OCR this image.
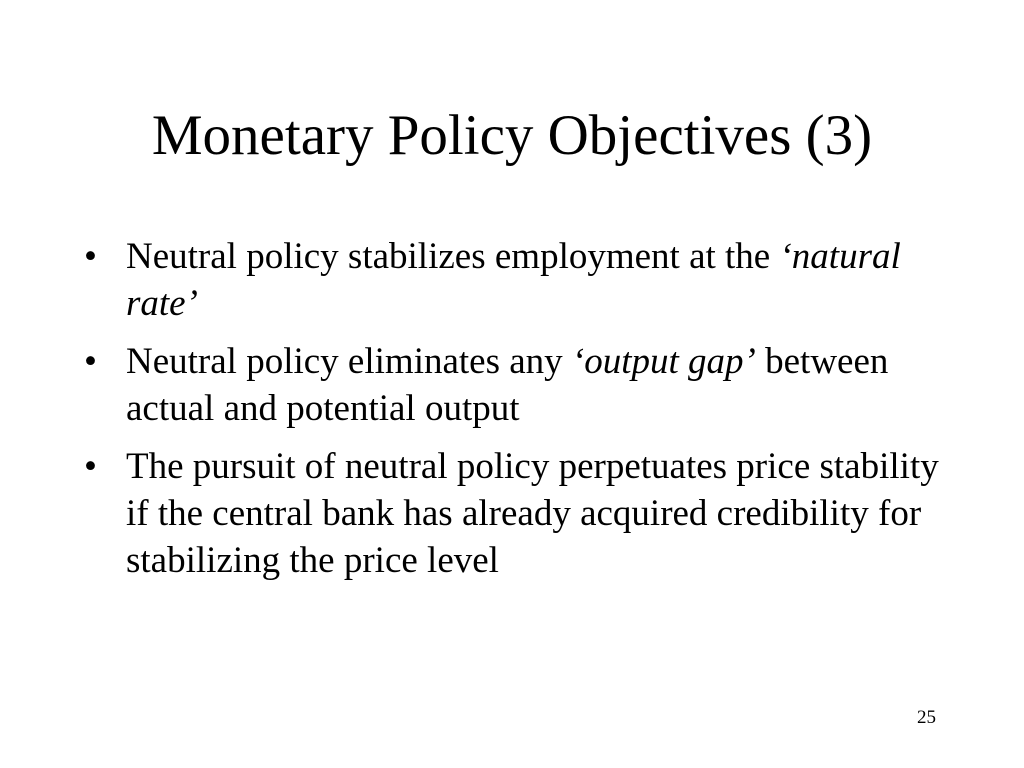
Monetary Policy Objectives (3)
• Neutral policy stabilizes employment at the ‘natural rate’
• Neutral policy eliminates any ‘output gap’ between actual and potential output
• The pursuit of neutral policy perpetuates price stability if the central bank has already acquired credibility for stabilizing the price level
25
